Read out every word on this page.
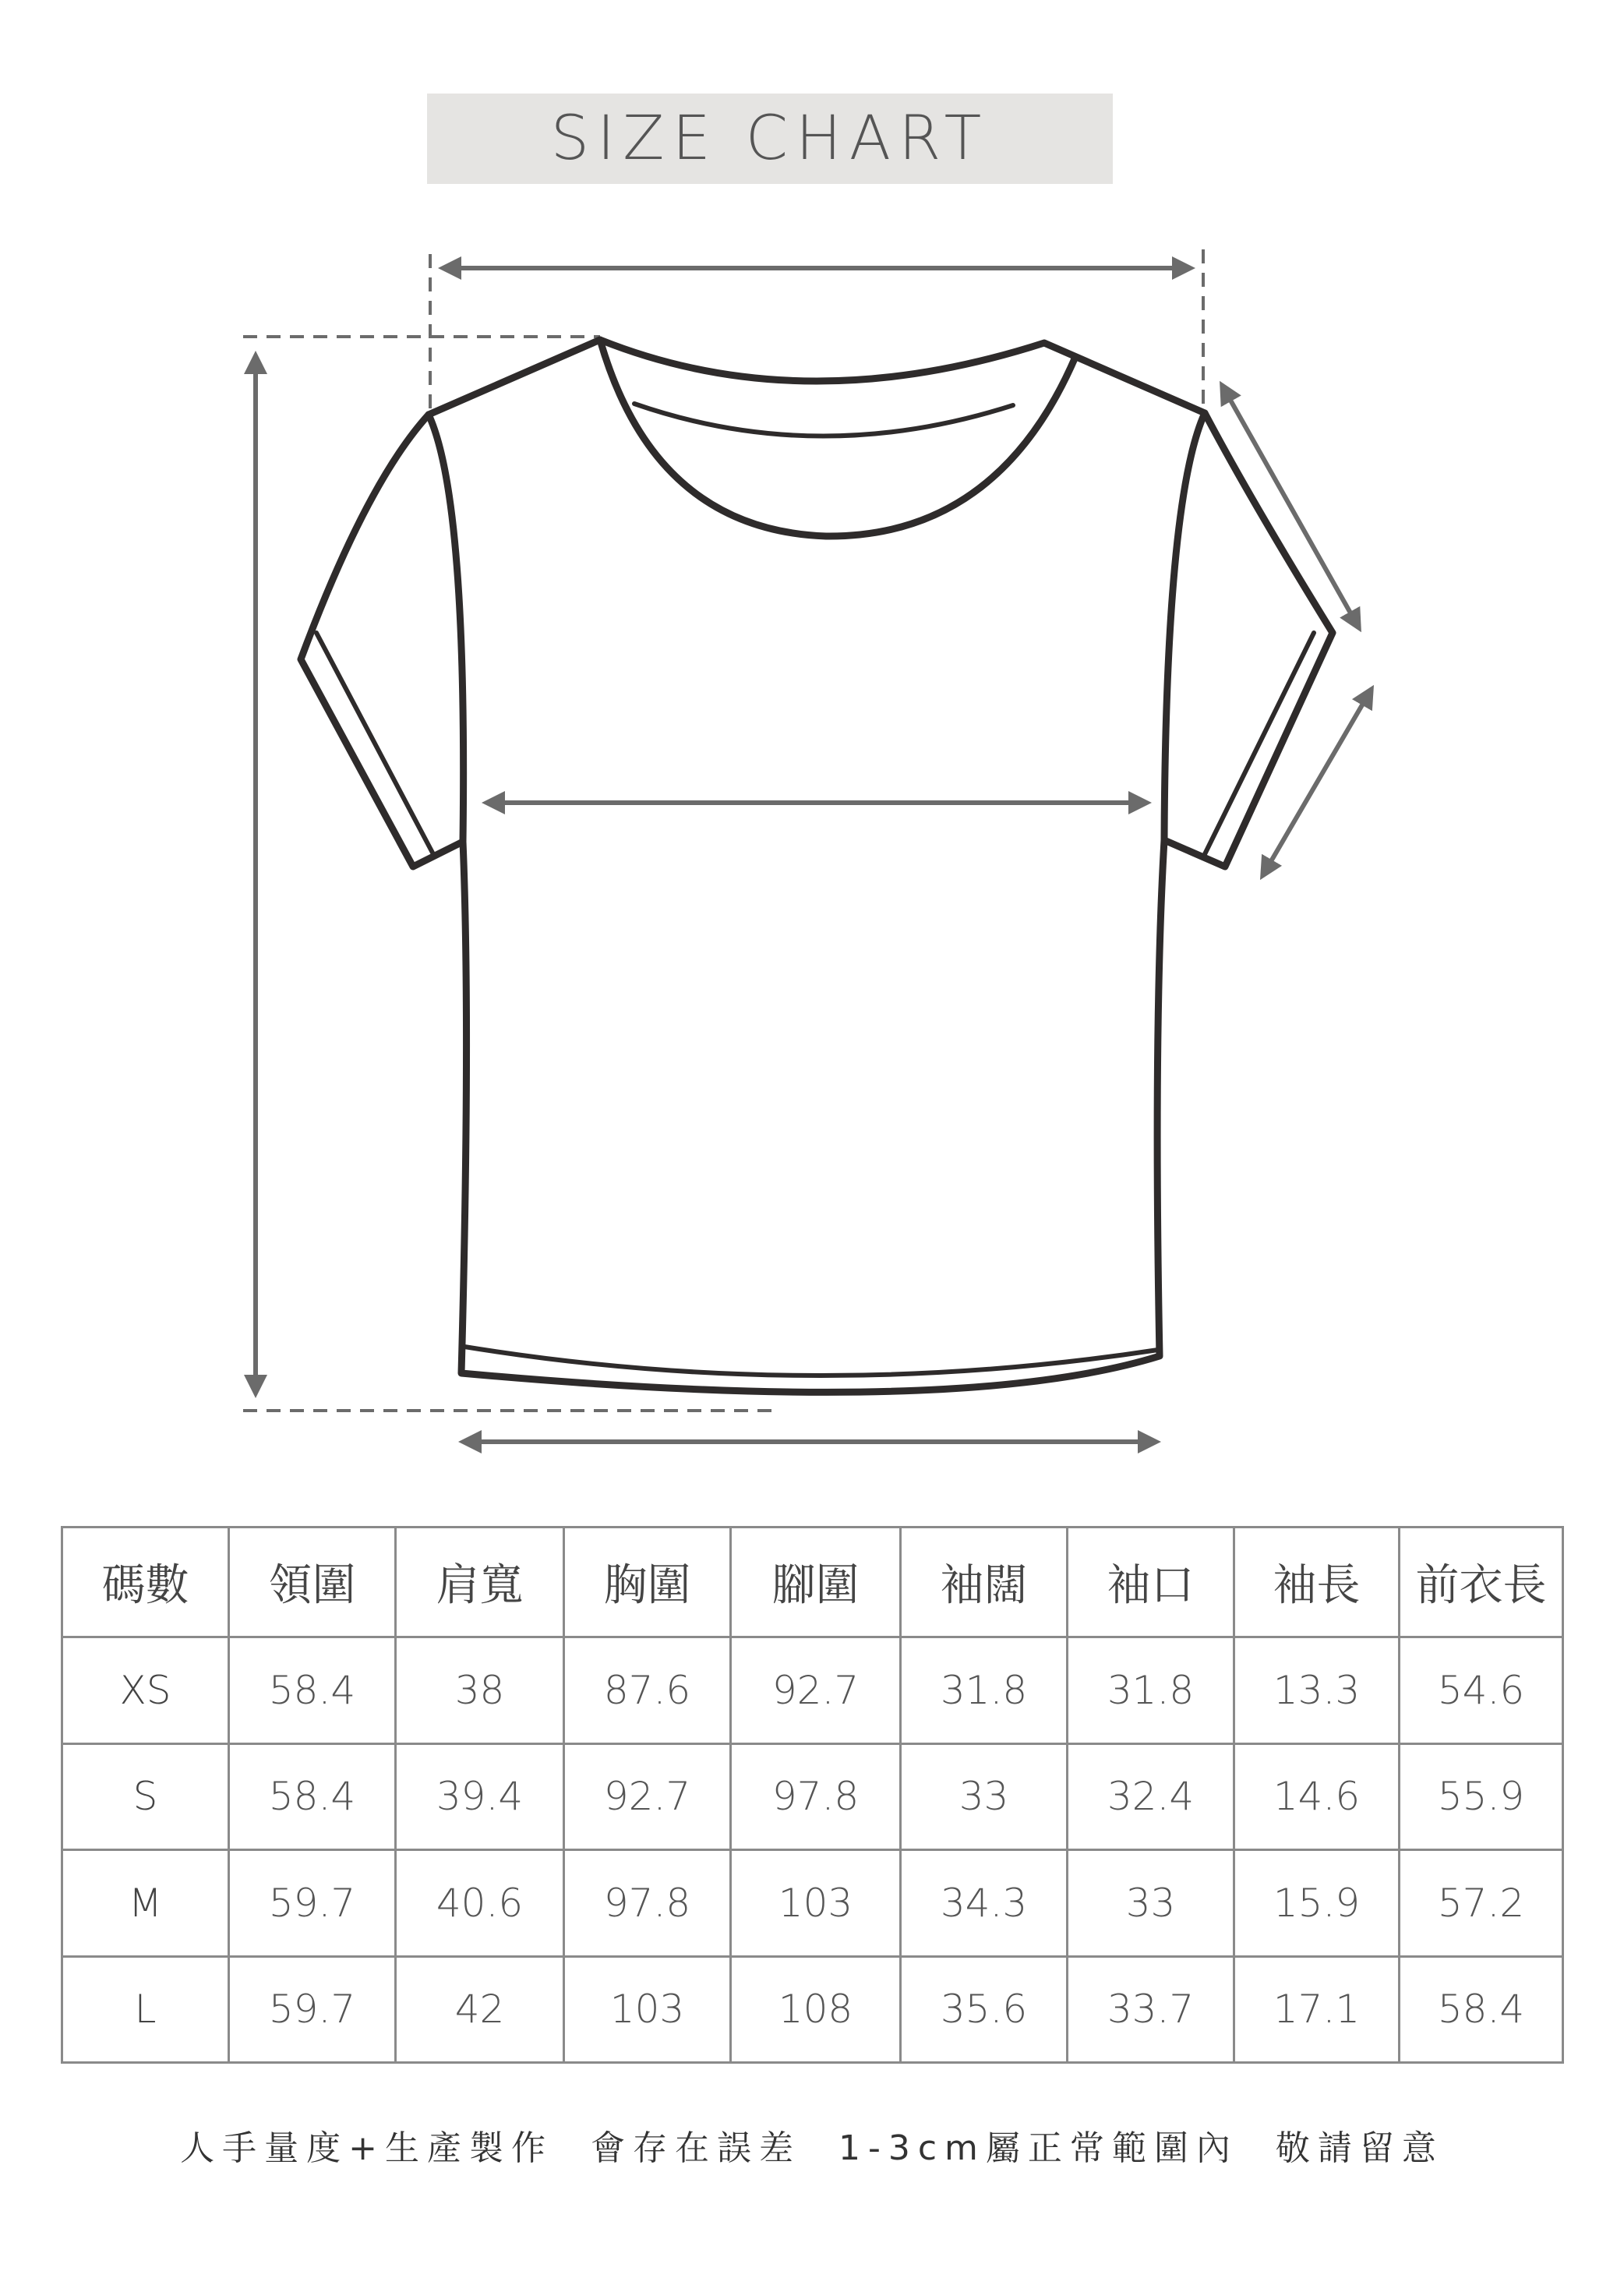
SIZE CHART
碼數	領圍	肩寬	胸圍	腳圍	袖闊	袖口	袖長	前衣長
XS	58.4	38	87.6	92.7	31.8	31.8	13.3	54.6
S	58.4	39.4	92.7	97.8	33	32.4	14.6	55.9
M	59.7	40.6	97.8	103	34.3	33	15.9	57.2
L	59.7	42	103	108	35.6	33.7	17.1	58.4
人手量度+生產製作  會存在誤差  1-3cm屬正常範圍內  敬請留意
